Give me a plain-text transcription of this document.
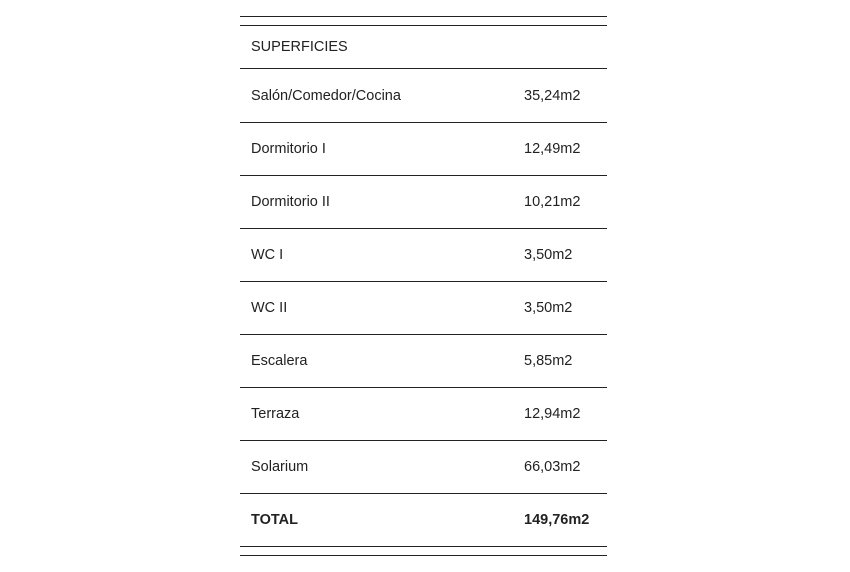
SUPERFICIES
Salón/Comedor/Cocina	35,24m2
Dormitorio I	12,49m2
Dormitorio II	10,21m2
WC I	3,50m2
WC II	3,50m2
Escalera	5,85m2
Terraza	12,94m2
Solarium	66,03m2
TOTAL	149,76m2
